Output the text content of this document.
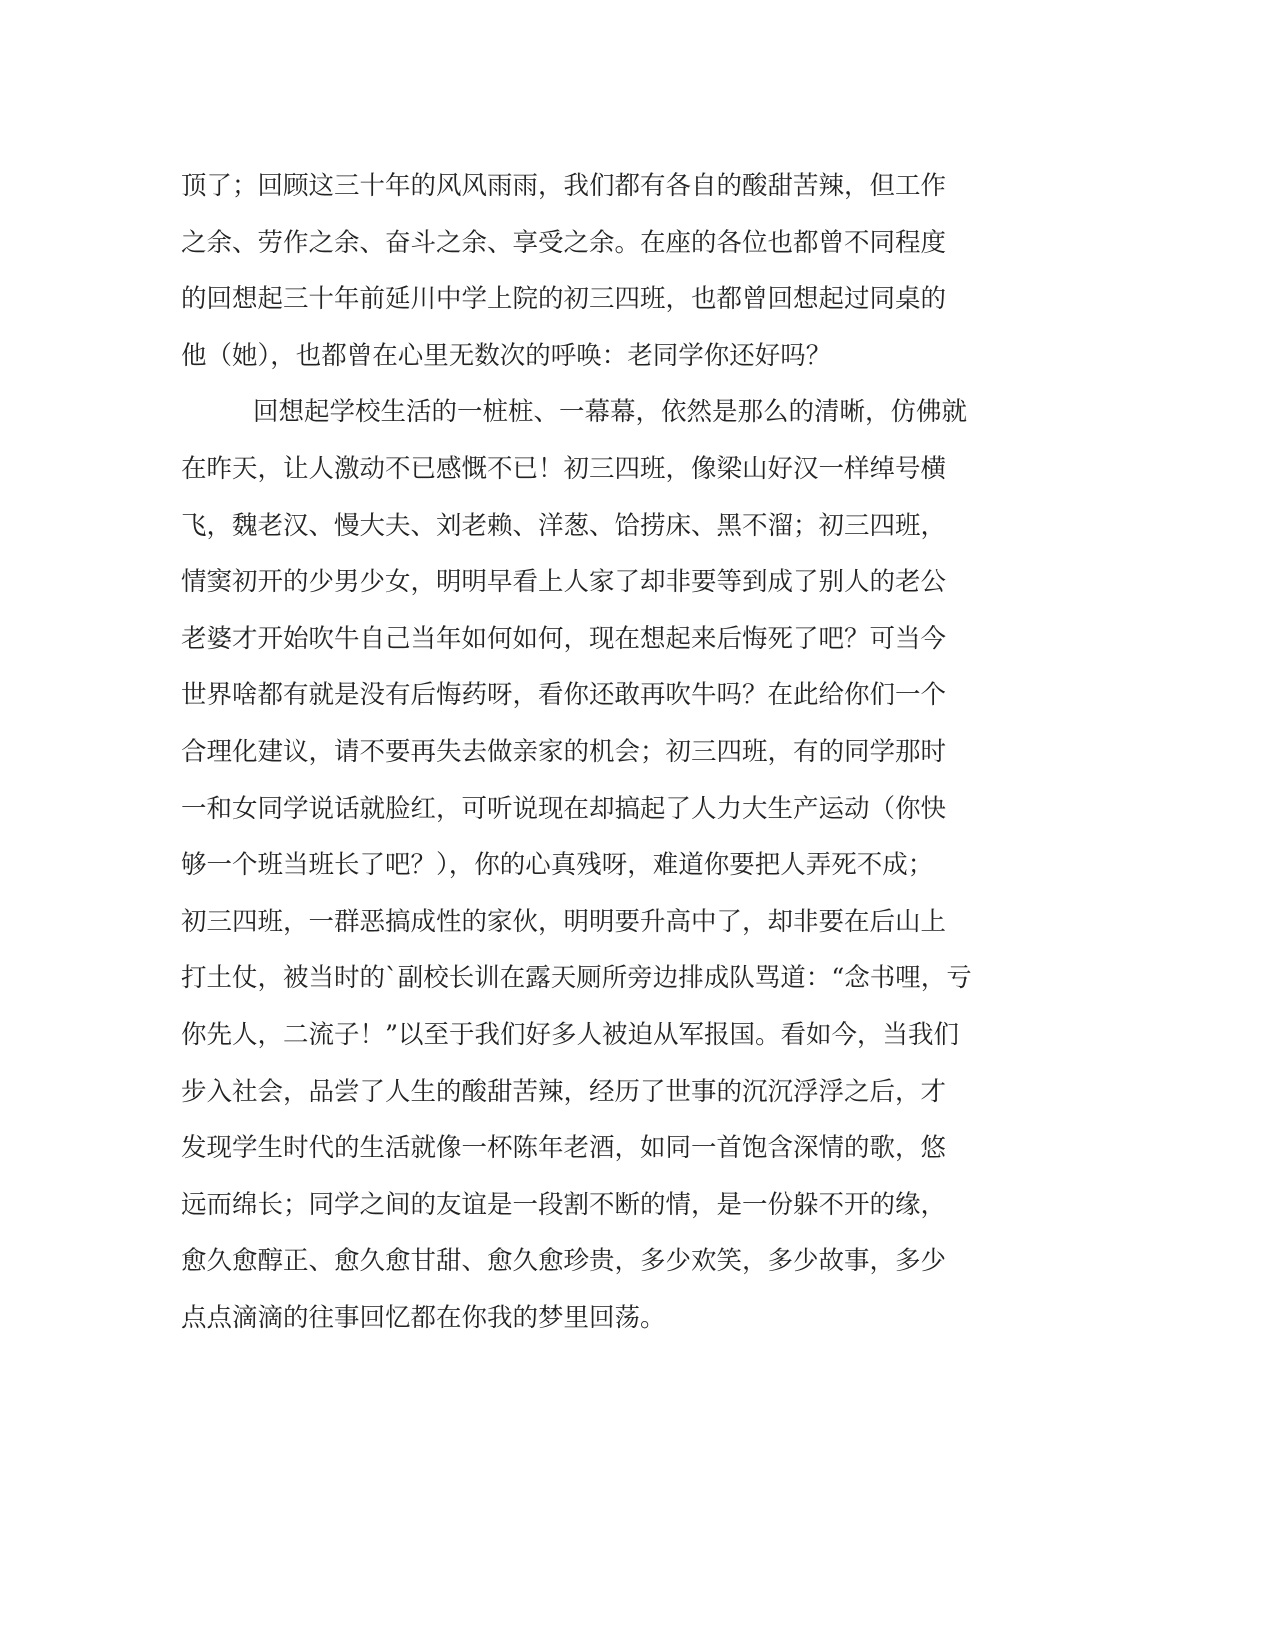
顶了；回顾这三十年的风风雨雨，我们都有各自的酸甜苦辣，但工作
之余、劳作之余、奋斗之余、享受之余。在座的各位也都曾不同程度
的回想起三十年前延川中学上院的初三四班，也都曾回想起过同桌的
他（她），也都曾在心里无数次的呼唤：老同学你还好吗？
回想起学校生活的一桩桩、一幕幕，依然是那么的清晰，仿佛就
在昨天，让人激动不已感慨不已！初三四班，像梁山好汉一样绰号横
飞，魏老汉、慢大夫、刘老赖、洋葱、饸捞床、黑不溜；初三四班，
情窦初开的少男少女，明明早看上人家了却非要等到成了别人的老公
老婆才开始吹牛自己当年如何如何，现在想起来后悔死了吧？可当今
世界啥都有就是没有后悔药呀，看你还敢再吹牛吗？在此给你们一个
合理化建议，请不要再失去做亲家的机会；初三四班，有的同学那时
一和女同学说话就脸红，可听说现在却搞起了人力大生产运动（你快
够一个班当班长了吧？），你的心真残呀，难道你要把人弄死不成；
初三四班，一群恶搞成性的家伙，明明要升高中了，却非要在后山上
打土仗，被当时的`副校长训在露天厕所旁边排成队骂道：“念书哩，亏
你先人，二流子！”以至于我们好多人被迫从军报国。看如今，当我们
步入社会，品尝了人生的酸甜苦辣，经历了世事的沉沉浮浮之后，才
发现学生时代的生活就像一杯陈年老酒，如同一首饱含深情的歌，悠
远而绵长；同学之间的友谊是一段割不断的情，是一份躲不开的缘，
愈久愈醇正、愈久愈甘甜、愈久愈珍贵，多少欢笑，多少故事，多少
点点滴滴的往事回忆都在你我的梦里回荡。
